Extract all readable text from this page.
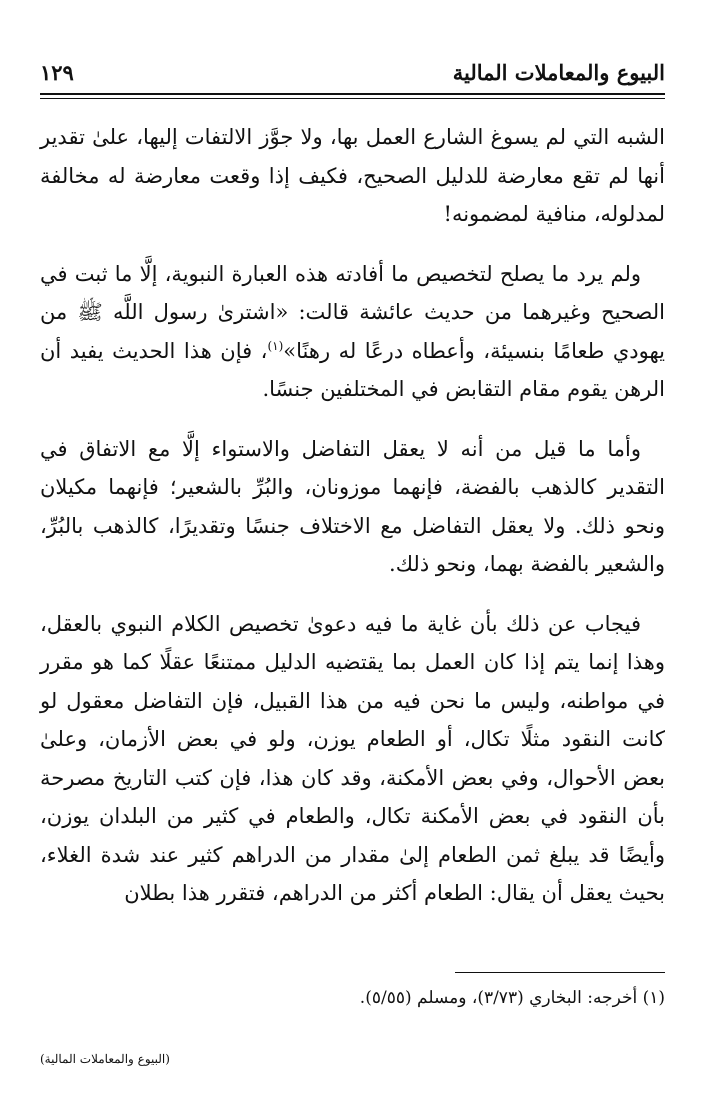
البيوع والمعاملات المالية
١٢٩

الشبه التي لم يسوغ الشارع العمل بها، ولا جوَّز الالتفات إليها، علىٰ تقدير أنها لم تقع معارضة للدليل الصحيح، فكيف إذا وقعت معارضة له مخالفة لمدلوله، منافية لمضمونه!

ولم يرد ما يصلح لتخصيص ما أفادته هذه العبارة النبوية، إلَّا ما ثبت في الصحيح وغيرهما من حديث عائشة قالت: «اشترىٰ رسول اللَّه ﷺ من يهودي طعامًا بنسيئة، وأعطاه درعًا له رهنًا»$^{(١)}$، فإن هذا الحديث يفيد أن الرهن يقوم مقام التقابض في المختلفين جنسًا.

وأما ما قيل من أنه لا يعقل التفاضل والاستواء إلَّا مع الاتفاق في التقدير كالذهب بالفضة، فإنهما موزونان، والبُرِّ بالشعير؛ فإنهما مكيلان ونحو ذلك. ولا يعقل التفاضل مع الاختلاف جنسًا وتقديرًا، كالذهب بالبُرِّ، والشعير بالفضة بهما، ونحو ذلك.

فيجاب عن ذلك بأن غاية ما فيه دعوىٰ تخصيص الكلام النبوي بالعقل، وهذا إنما يتم إذا كان العمل بما يقتضيه الدليل ممتنعًا عقلًا كما هو مقرر في مواطنه، وليس ما نحن فيه من هذا القبيل، فإن التفاضل معقول لو كانت النقود مثلًا تكال، أو الطعام يوزن، ولو في بعض الأزمان، وعلىٰ بعض الأحوال، وفي بعض الأمكنة، وقد كان هذا، فإن كتب التاريخ مصرحة بأن النقود في بعض الأمكنة تكال، والطعام في كثير من البلدان يوزن، وأيضًا قد يبلغ ثمن الطعام إلىٰ مقدار من الدراهم كثير عند شدة الغلاء، بحيث يعقل أن يقال: الطعام أكثر من الدراهم، فتقرر هذا بطلان

(١) أخرجه: البخاري (٣/٧٣)، ومسلم (٥/٥٥).
(البيوع والمعاملات المالية)
